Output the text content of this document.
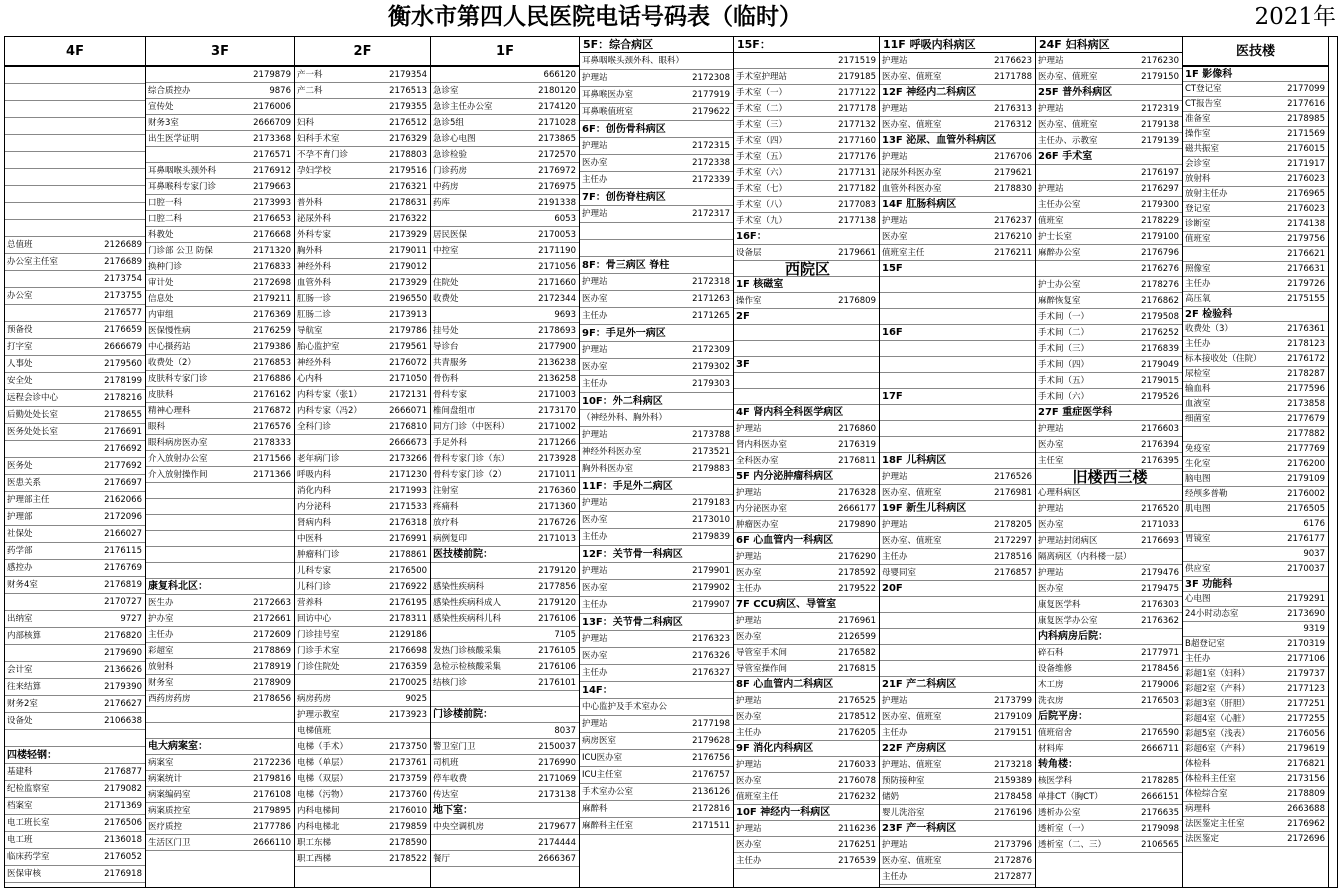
衡水市第四人民医院电话号码表（临时）	2021年
4F
总值班	2126689
办公室主任室	2176689
2173754
办公室	2173755
2176577
预备役	2176659
打字室	2666679
人事处	2179560
安全处	2178199
远程会诊中心	2178216
后勤处处长室	2178655
医务处处长室	2176691
2176692
医务处	2177692
医患关系	2176697
护理部主任	2162066
护理部	2172096
社保处	2166027
药学部	2176115
感控办	2176769
财务4室	2176819
2170727
出纳室	9727
内部核算	2176820
2179690
会计室	2136626
往来结算	2179390
财务2室	2176627
设备处	2106638
四楼轻钢：
基建科	2176877
纪检监察室	2179082
档案室	2171369
电工班长室	2176506
电工班	2136018
临床药学室	2176052
医保审核	2176918
3F
2179879
综合质控办	9876
宣传处	2176006
财务3室	2666709
出生医学证明	2173368
2176571
耳鼻咽喉头颈外科	2176912
耳鼻喉科专家门诊	2179663
口腔一科	2173993
口腔二科	2176653
科教处	2176668
门诊部 公卫 防保	2171320
换种门诊	2176833
审计处	2172698
信息处	2179211
内审组	2176369
医保慢性病	2176259
中心摄药站	2179386
收费处（2）	2176853
皮肤科专家门诊	2176886
皮肤科	2176162
精神心理科	2176872
眼科	2176576
眼科病房医办室	2178333
介入放射办公室	2171566
介入放射操作间	2171366
康复科北区：
医生办	2172663
护办室	2172661
主任办	2172609
彩超室	2178869
放射科	2178919
财务室	2178909
西药房药房	2178656
电大病案室：
病案室	2172236
病案统计	2179816
病案编码室	2176108
病案质控室	2179895
医疗质控	2177786
生活区门卫	2666110
2F
产一科	2179354
产二科	2176513
2179355
妇科	2176512
妇科手术室	2176329
不孕不育门诊	2178803
孕妇学校	2179516
2176321
普外科	2178631
泌尿外科	2176322
外科专家	2173929
胸外科	2179011
神经外科	2179012
血管外科	2173929
肛肠一诊	2196550
肛肠二诊	2173913
导航室	2179786
胎心监护室	2179561
神经外科	2176072
心内科	2171050
内科专家（张1）	2172131
内科专家（冯2）	2666071
全科门诊	2176810
2666673
老年病门诊	2173266
呼吸内科	2171230
消化内科	2171993
内分泌科	2171533
肾病内科	2176318
中医科	2176991
肿瘤科门诊	2178861
儿科专家	2176500
儿科门诊	2176922
营养科	2176195
回访中心	2178311
门诊挂号室	2129186
门诊手术室	2176698
门诊住院处	2176359
2170025
病房药房	9025
护理示教室	2173923
电梯值班
电梯（手术）	2173750
电梯（单层）	2173761
电梯（双层）	2173759
电梯（污物）	2173760
内科电梯间	2176010
内科电梯北	2179859
职工东梯	2178590
职工西梯	2178522
1F
666120
急诊室	2180120
急诊主任办公室	2174120
急诊5组	2171028
急诊心电图	2173865
急诊检验	2172570
门诊药房	2176972
中药房	2176975
药库	2191338
6053
居民医保	2170053
中控室	2171190
2171056
住院处	2171660
收费处	2172344
9693
挂号处	2178693
导诊台	2177900
共青服务	2136238
骨伤科	2136258
骨科专家	2171003
椎间盘组市	2173170
同方门诊（中医科）	2171002
手足外科	2171266
骨科专家门诊（东）	2173928
骨科专家门诊（2）	2171011
注射室	2176360
疼痛科	2171360
放疗科	2176726
病例复印	2171013
医技楼前院：
2179120
感染性疾病科	2177856
感染性疾病科成人	2179120
感染性疾病科儿科	2176106
7105
发热门诊核酸采集	2176105
急检示检核酸采集	2176106
结核门诊	2176101
门诊楼前院：
8037
警卫室门卫	2150037
司机班	2176990
停车收费	2171069
传达室	2173138
地下室：
中央空调机房	2179677
2174444
餐厅	2666367
5F：综合病区
耳鼻咽喉头颈外科、眼科）
护理站	2172308
耳鼻喉医办室	2177919
耳鼻喉值班室	2179622
6F：创伤骨科病区
护理站	2172315
医办室	2172338
主任办	2172339
7F：创伤脊柱病区
护理站	2172317
8F：骨三病区 脊柱
护理站	2172318
医办室	2171263
主任办	2171265
9F：手足外一病区
护理站	2172309
医办室	2179302
主任办	2179303
10F：外二科病区
（神经外科、胸外科）
护理站	2173788
神经外科医办室	2173521
胸外科医办室	2179883
11F：手足外二病区
护理站	2179183
医办室	2173010
主任办	2179839
12F：关节骨一科病区
护理站	2179901
医办室	2179902
主任办	2179907
13F：关节骨二科病区
护理站	2176323
医办室	2176326
主任办	2176327
14F：
中心监护及手术室办公
护理站	2177198
病房医室	2179628
ICU医办室	2176756
ICU主任室	2176757
手术室办公室	2136126
麻醉科	2172816
麻醉科主任室	2171511
15F：
2171519
手术室护理站	2179185
手术室（一）	2177122
手术室（二）	2177178
手术室（三）	2177132
手术室（四）	2177160
手术室（五）	2177176
手术室（六）	2177131
手术室（七）	2177182
手术室（八）	2177083
手术室（九）	2177138
16F：
设备层	2179661
西院区
1F 核磁室
操作室	2176809
2F
3F
4F 肾内科全科医学病区
护理站	2176860
肾内科医办室	2176319
全科医办室	2176811
5F 内分泌肿瘤科病区
护理站	2176328
内分泌医办室	2666177
肿瘤医办室	2179890
6F 心血管内一科病区
护理站	2176290
医办室	2178592
主任办	2179522
7F CCU病区、导管室
护理站	2176961
医办室	2126599
导管室手术间	2176582
导管室操作间	2176815
8F 心血管内二科病区
护理站	2176525
医办室	2178512
主任办	2176205
9F 消化内科病区
护理站	2176033
医办室	2176078
值班室主任	2176232
10F 神经内一科病区
护理站	2116236
医办室	2176251
主任办	2176539
11F 呼吸内科病区
护理站	2176623
医办室、值班室	2171788
12F 神经内二科病区
护理站	2176313
医办室、值班室	2176312
13F 泌尿、血管外科病区
护理站	2176706
泌尿外科医办室	2179621
血管外科医办室	2178830
14F 肛肠科病区
护理站	2176237
医办室	2176210
值班室主任	2176211
15F
16F
17F
18F 儿科病区
护理站	2176526
医办室、值班室	2176981
19F 新生儿科病区
护理站	2178205
医办室、值班室	2172297
主任办	2178516
母婴同室	2176857
20F
21F 产二科病区
护理站	2173799
医办室、值班室	2179109
主任办	2179151
22F 产房病区
护理站、值班室	2173218
预防接种室	2159389
储奶	2178458
婴儿洗浴室	2176196
23F 产一科病区
护理站	2173796
医办室、值班室	2172876
主任办	2172877
24F 妇科病区
护理站	2176230
医办室、值班室	2179150
25F 普外科病区
护理站	2172319
医办室、值班室	2179138
主任办、示教室	2179139
26F 手术室
2176197
护理站	2176297
主任办公室	2179300
值班室	2178229
护士长室	2179100
麻醉办公室	2176796
2176276
护士办公室	2178276
麻醉恢复室	2176862
手术间（一）	2179508
手术间（二）	2176252
手术间（三）	2176839
手术间（四）	2179049
手术间（五）	2179015
手术间（六）	2179526
27F 重症医学科
护理站	2176603
医办室	2176394
主任室	2176395
旧楼西三楼
心理科病区
护理站	2176520
医办室	2171033
护理站封闭病区	2176693
隔离病区（内科楼一层）
护理站	2179476
医办室	2179475
康复医学科	2176303
康复医学办公室	2176362
内科病房后院：
碎石科	2177971
设备维修	2178456
木工房	2179006
洗衣房	2176503
后院平房：
值班宿舍	2176590
材料库	2666711
转角楼：
核医学科	2178285
单排CT（胸CT）	2666151
透析办公室	2176635
透析室（一）	2179098
透析室（二、三）	2106565
医技楼
1F 影像科
CT登记室	2177099
CT报告室	2177616
准备室	2178985
操作室	2171569
磁共振室	2176015
会诊室	2171917
放射科	2176023
放射主任办	2176965
登记室	2176023
诊断室	2174138
值班室	2179756
2176621
照像室	2176631
主任办	2179726
高压氧	2175155
2F 检验科
收费处（3）	2176361
主任办	2178123
标本接收处（住院）	2176172
尿检室	2178287
输血科	2177596
血液室	2173858
细菌室	2177679
2177882
免疫室	2177769
生化室	2176200
脑电图	2179109
经颅多普勒	2176002
肌电图	2176505
6176
胃镜室	2176177
9037
供应室	2170037
3F 功能科
心电图	2179291
24小时动态室	2173690
9319
B超登记室	2170319
主任办	2177106
彩超1室（妇科）	2179737
彩超2室（产科）	2177123
彩超3室（肝胆）	2177251
彩超4室（心脏）	2177255
彩超5室（浅表）	2176056
彩超6室（产科）	2179619
体检科	2176821
体检科主任室	2173156
体检综合室	2178809
病理科	2663688
法医鉴定主任室	2176962
法医鉴定	2172696
